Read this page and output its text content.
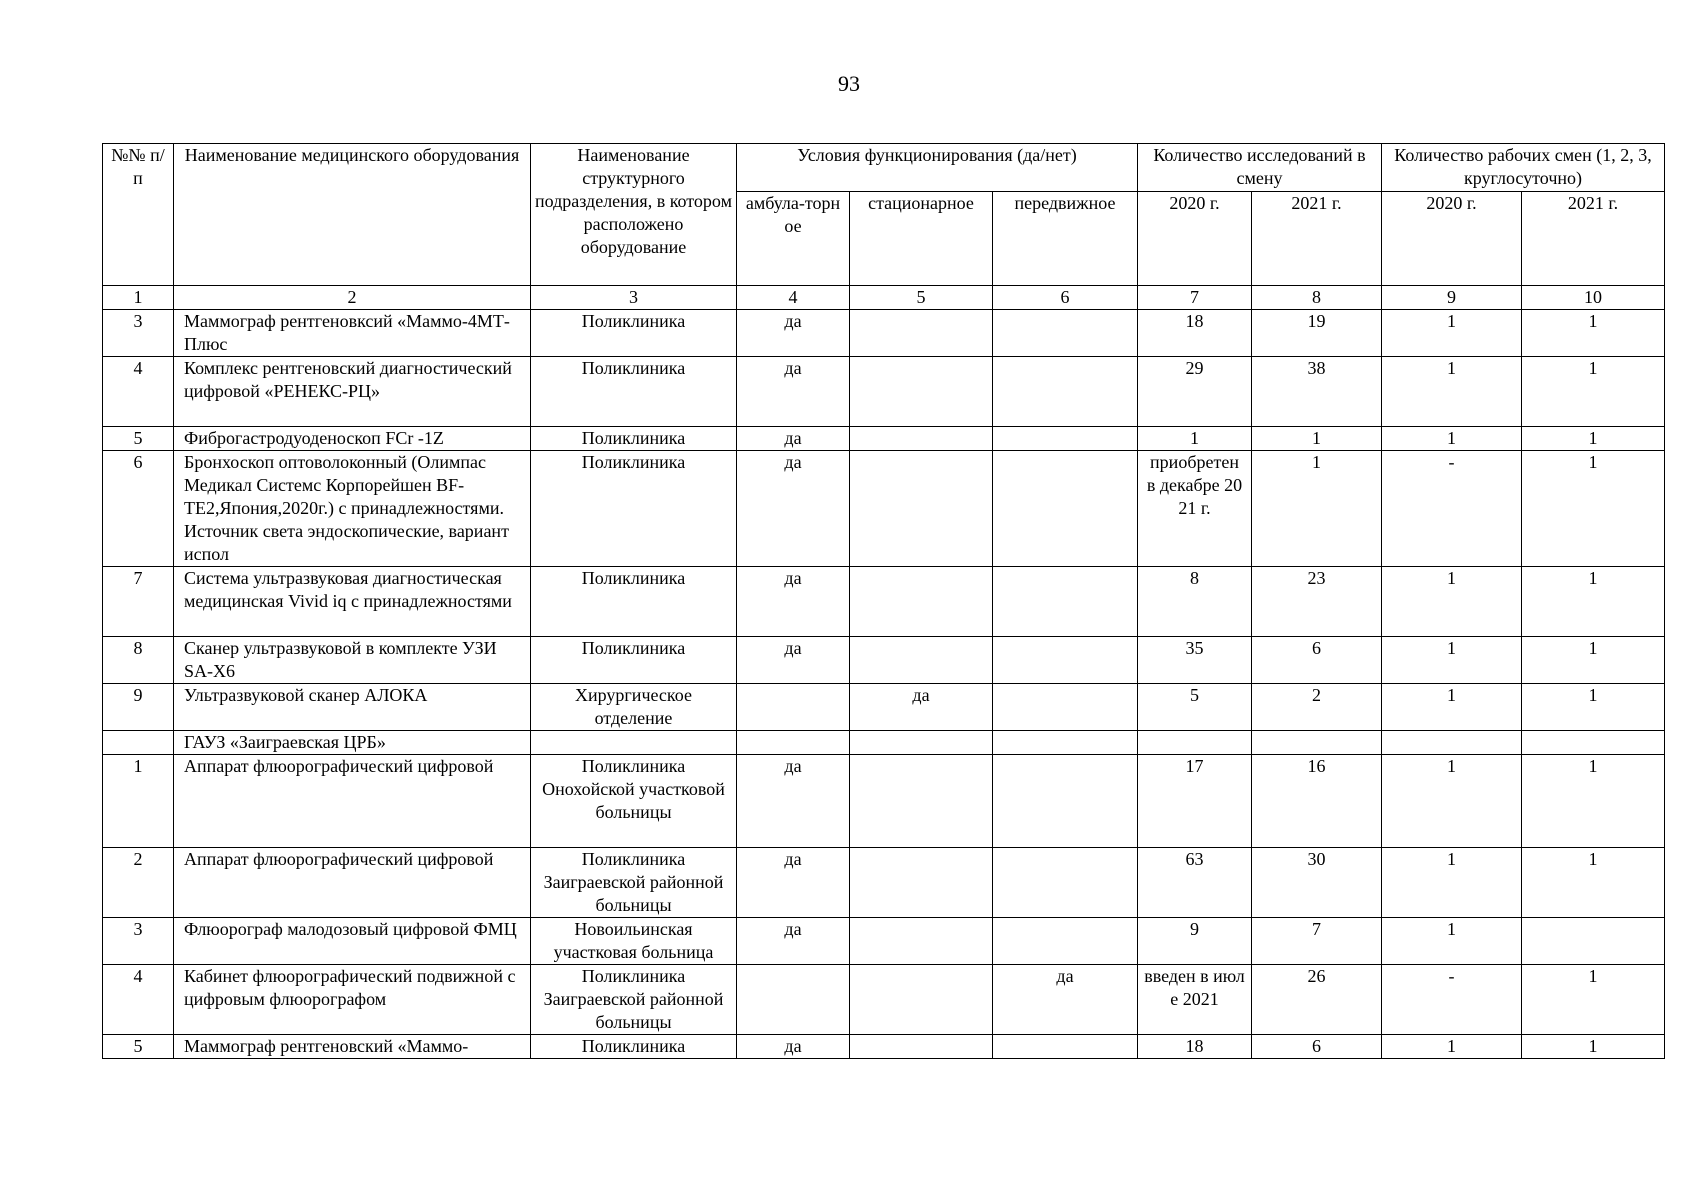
93
№№ п/п	Наименование медицинского оборудования	Наименование структурного подразделения, в котором расположено оборудование	Условия функционирования (да/нет)			Количество исследований в смену		Количество рабочих смен (1, 2, 3, круглосуточно)	
			амбула-торное	стационарное	передвижное	2020 г.	2021 г.	2020 г.	2021 г.
1	2	3	4	5	6	7	8	9	10
3	Маммограф рентгеновксий «Маммо-4МТ-Плюс	Поликлиника	да			18	19	1	1
4	Комплекс рентгеновский диагностический цифровой «РЕНЕКС-РЦ»	Поликлиника	да			29	38	1	1
5	Фиброгастродуоденоскоп FCr -1Z	Поликлиника	да			1	1	1	1
6	Бронхоскоп оптоволоконный (Олимпас Медикал Системс Корпорейшен BF-TE2,Япония,2020г.) с принадлежностями. Источник света эндоскопические, вариант испол	Поликлиника	да			приобретен в декабре 2021 г.	1	-	1
7	Система ультразвуковая диагностическая медицинская Vivid iq с принадлежностями	Поликлиника	да			8	23	1	1
8	Сканер ультразвуковой в комплекте УЗИ SA-X6	Поликлиника	да			35	6	1	1
9	Ультразвуковой сканер АЛОКА	Хирургическое отделение		да		5	2	1	1
	ГАУЗ «Заиграевская ЦРБ»								
1	Аппарат флюорографический цифровой	Поликлиника Онохойской участковой больницы	да			17	16	1	1
2	Аппарат флюорографический цифровой	Поликлиника Заиграевской районной больницы	да			63	30	1	1
3	Флюорограф малодозовый цифровой ФМЦ	Новоильинская участковая больница	да			9	7	1	
4	Кабинет флюорографический подвижной с цифровым флюорографом	Поликлиника Заиграевской районной больницы			да	введен в июле 2021	26	-	1
5	Маммограф рентгеновский «Маммо-	Поликлиника	да			18	6	1	1
